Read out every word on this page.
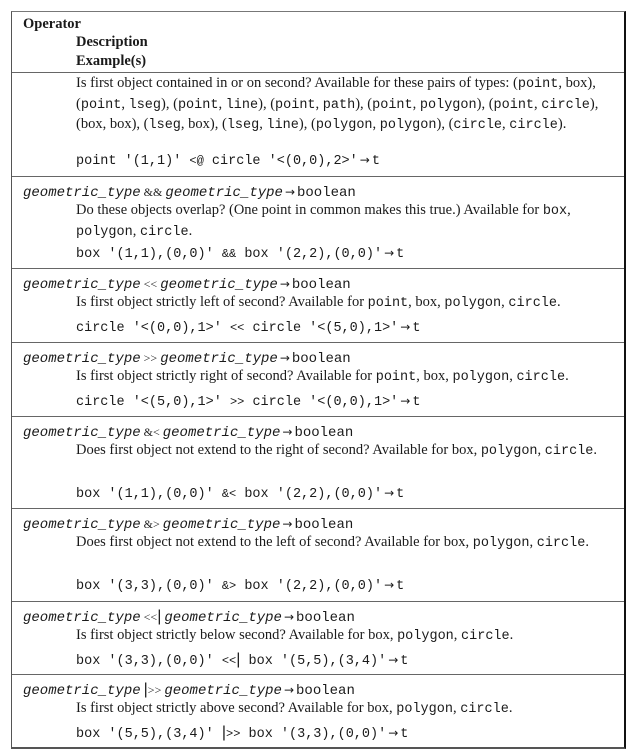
Operator
Description
Example(s)
Is first object contained in or on second? Available for these pairs of types: (point, box), (point, lseg), (point, line), (point, path), (point, polygon), (point, circle), (box, box), (lseg, box), (lseg, line), (polygon, polygon), (circle, circle).
point '(1,1)' <@ circle '<(0,0),2>' → t
geometric_type && geometric_type → boolean
Do these objects overlap? (One point in common makes this true.) Available for box, polygon, circle.
box '(1,1),(0,0)' && box '(2,2),(0,0)' → t
geometric_type << geometric_type → boolean
Is first object strictly left of second? Available for point, box, polygon, circle.
circle '<(0,0),1>' << circle '<(5,0),1>' → t
geometric_type >> geometric_type → boolean
Is first object strictly right of second? Available for point, box, polygon, circle.
circle '<(5,0),1>' >> circle '<(0,0),1>' → t
geometric_type &< geometric_type → boolean
Does first object not extend to the right of second? Available for box, polygon, circle.
box '(1,1),(0,0)' &< box '(2,2),(0,0)' → t
geometric_type &> geometric_type → boolean
Does first object not extend to the left of second? Available for box, polygon, circle.
box '(3,3),(0,0)' &> box '(2,2),(0,0)' → t
geometric_type <<| geometric_type → boolean
Is first object strictly below second? Available for box, polygon, circle.
box '(3,3),(0,0)' <<| box '(5,5),(3,4)' → t
geometric_type |>> geometric_type → boolean
Is first object strictly above second? Available for box, polygon, circle.
box '(5,5),(3,4)' |>> box '(3,3),(0,0)' → t
